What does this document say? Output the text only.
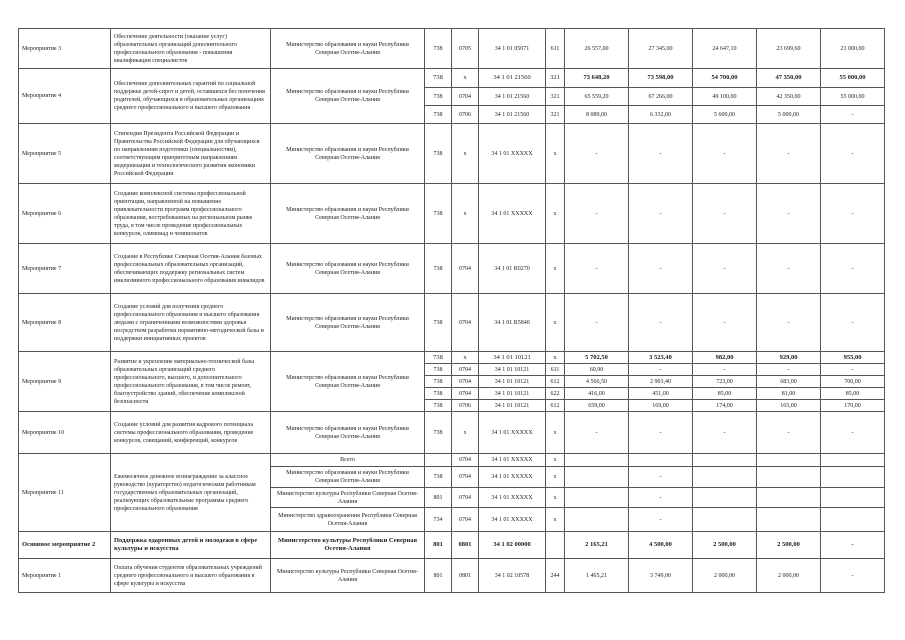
Мероприятие 3	Обеспечение деятельности (оказание услуг) образовательных организаций дополнительного профессионального образования - повышения квалификации специалистов	Министерство образования и науки Республики Северная Осетия-Алания	738	0705	34 1 01 05071	611	26 557,00	27 345,00	24 647,10	23 699,60	21 000,00
Мероприятие 4	Обеспечение дополнительных гарантий по социальной поддержке детей-сирот и детей, оставшихся без попечения родителей, обучающихся в образовательных организациях среднего профессионального и высшего образования	Министерство образования и науки Республики Северная Осетия-Алания	738	х	34 1 01 21560	321	73 648,20	73 598,00	54 700,00	47 350,00	55 000,00
			738	0704	34 1 01 21560	321	65 559,20	67 266,00	49 100,00	42 350,00	55 000,00
			738	0706	34 1 01 21560	321	8 089,00	6 332,00	5 600,00	5 000,00	-
Мероприятие 5	Стипендия Президента Российской Федерации и Правительства Российской Федерации для обучающихся по направлениям подготовки (специальностям), соответствующим приоритетным направлениям модернизации и технологического развития экономики Российской Федерации	Министерство образования и науки Республики Северная Осетия-Алания	738	х	34 1 01 ХХХХХ	х	-	-	-	-	-
Мероприятие 6	Создание комплексной системы профессиональной ориентации, направленной на повышение привлекательности программ профессионального образования, востребованных на региональном рынке труда, в том числе проведение профессиональных конкурсов, олимпиад и чемпионатов	Министерство образования и науки Республики Северная Осетия-Алания	738	х	34 1 01 ХХХХХ	х	-	-	-	-	-
Мероприятие 7	Создание в Республике Северная Осетия-Алания базовых профессиональных образовательных организаций, обеспечивающих поддержку региональных систем инклюзивного профессионального образования инвалидов	Министерство образования и науки Республики Северная Осетия-Алания	738	0704	34 1 01 R0270	х	-	-	-	-	-
Мероприятие 8	Создание условий для получения среднего профессионального образования и высшего образования людьми с ограниченными возможностями здоровья посредством разработки нормативно-методической базы и поддержки инициативных проектов	Министерство образования и науки Республики Северная Осетия-Алания	738	0704	34 1 01 R5840	х	-	-	-	-	-
Мероприятие 9	Развитие и укрепление материально-технической базы образовательных организаций среднего профессионального, высшего, и дополнительного профессионального образования, в том числе ремонт, благоустройство зданий, обеспечение комплексной безопасности	Министерство образования и науки Республики Северная Осетия-Алания	738	х	34 1 01 10121	х	5 702,50	3 523,40	982,00	929,00	955,00
			738	0704	34 1 01 10121	611	60,90	-	-	-	-
			738	0704	34 1 01 10121	612	4 566,50	2 903,40	723,00	683,00	700,00
			738	0704	34 1 01 10121	622	416,00	451,00	85,00	81,00	85,00
			738	0706	34 1 01 10121	612	659,00	169,00	174,00	165,00	170,00
Мероприятие 10	Создание условий для развития кадрового потенциала системы профессионального образования, проведение конкурсов, совещаний, конференций, конкурсов	Министерство образования и науки Республики Северная Осетия-Алания	738	х	34 1 01 ХХХХХ	х	-	-	-	-	-
Мероприятие 11	Ежемесячное денежное вознаграждение за классное руководство (кураторство) педагогическим работникам государственных образовательных организаций, реализующих образовательные программы среднего профессионального образования	Всего		0704	34 1 01 ХХХХХ	х					
		Министерство образования и науки Республики Северная Осетия-Алания	738	0704	34 1 01 ХХХХХ	х		-			
		Министерство культуры Республики Северная Осетия-Алания	801	0704	34 1 01 ХХХХХ	х		-			
		Министерство здравоохранения Республики Северная Осетия-Алания	734	0704	34 1 01 ХХХХХ	х		-			
Основное мероприятие 2	Поддержка одаренных детей и молодежи в сфере культуры и искусства	Министерство культуры Республики Северная Осетия-Алания	801	0801	34 1 02 00000		2 165,21	4 500,00	2 500,00	2 500,00	-
Мероприятие 1	Оплата обучения студентов образовательных учреждений среднего профессионального и высшего образования в сфере культуры и искусства	Министерство культуры Республики Северная Осетия-Алания	801	0801	34 1 02 10578	244	1 465,21	3 749,00	2 000,00	2 000,00	-
